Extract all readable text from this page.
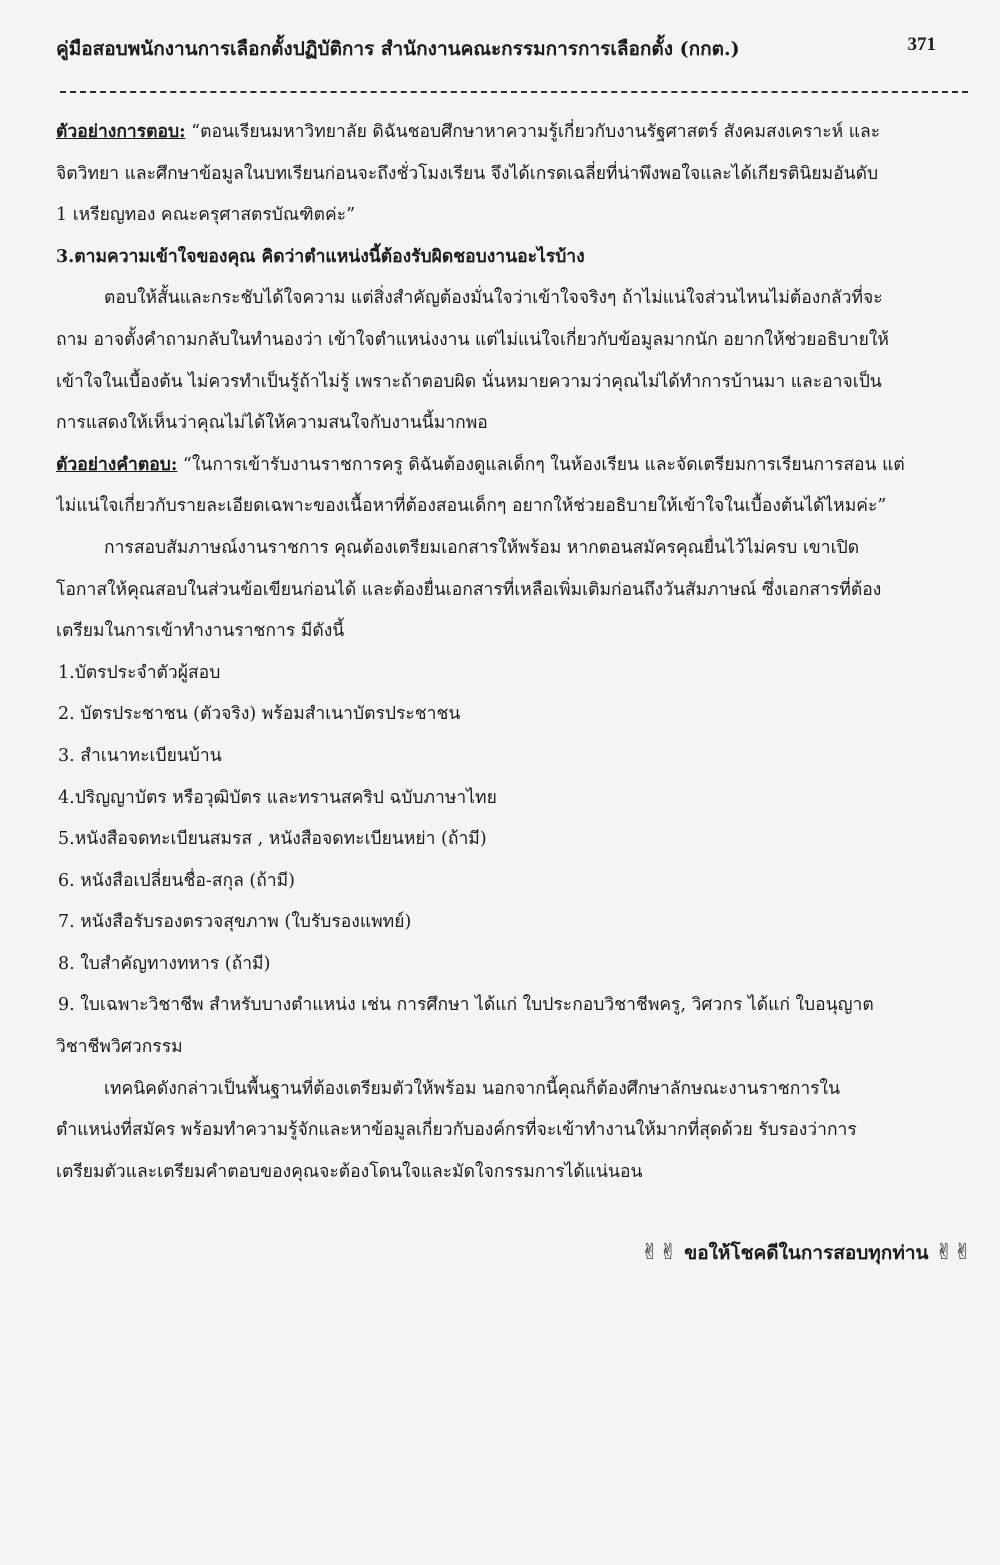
คู่มือสอบพนักงานการเลือกตั้งปฏิบัติการ สำนักงานคณะกรรมการการเลือกตั้ง (กกต.)	371
ตัวอย่างการตอบ: “ตอนเรียนมหาวิทยาลัย ดิฉันชอบศึกษาหาความรู้เกี่ยวกับงานรัฐศาสตร์ สังคมสงเคราะห์ และ
จิตวิทยา และศึกษาข้อมูลในบทเรียนก่อนจะถึงชั่วโมงเรียน จึงได้เกรดเฉลี่ยที่น่าพึงพอใจและได้เกียรตินิยมอันดับ
1 เหรียญทอง คณะครุศาสตรบัณฑิตค่ะ”
3.ตามความเข้าใจของคุณ คิดว่าตำแหน่งนี้ต้องรับผิดชอบงานอะไรบ้าง
ตอบให้สั้นและกระชับได้ใจความ แต่สิ่งสำคัญต้องมั่นใจว่าเข้าใจจริงๆ ถ้าไม่แน่ใจส่วนไหนไม่ต้องกลัวที่จะ
ถาม อาจตั้งคำถามกลับในทำนองว่า เข้าใจตำแหน่งงาน แต่ไม่แน่ใจเกี่ยวกับข้อมูลมากนัก อยากให้ช่วยอธิบายให้
เข้าใจในเบื้องต้น ไม่ควรทำเป็นรู้ถ้าไม่รู้ เพราะถ้าตอบผิด นั่นหมายความว่าคุณไม่ได้ทำการบ้านมา และอาจเป็น
การแสดงให้เห็นว่าคุณไม่ได้ให้ความสนใจกับงานนี้มากพอ
ตัวอย่างคำตอบ: “ในการเข้ารับงานราชการครู ดิฉันต้องดูแลเด็กๆ ในห้องเรียน และจัดเตรียมการเรียนการสอน แต่
ไม่แน่ใจเกี่ยวกับรายละเอียดเฉพาะของเนื้อหาที่ต้องสอนเด็กๆ อยากให้ช่วยอธิบายให้เข้าใจในเบื้องต้นได้ไหมค่ะ”
การสอบสัมภาษณ์งานราชการ คุณต้องเตรียมเอกสารให้พร้อม หากตอนสมัครคุณยื่นไว้ไม่ครบ เขาเปิด
โอกาสให้คุณสอบในส่วนข้อเขียนก่อนได้ และต้องยื่นเอกสารที่เหลือเพิ่มเติมก่อนถึงวันสัมภาษณ์ ซึ่งเอกสารที่ต้อง
เตรียมในการเข้าทำงานราชการ มีดังนี้
1.บัตรประจำตัวผู้สอบ
2. บัตรประชาชน (ตัวจริง) พร้อมสำเนาบัตรประชาชน
3. สำเนาทะเบียนบ้าน
4.ปริญญาบัตร หรือวุฒิบัตร และทรานสคริป ฉบับภาษาไทย
5.หนังสือจดทะเบียนสมรส , หนังสือจดทะเบียนหย่า (ถ้ามี)
6. หนังสือเปลี่ยนชื่อ-สกุล (ถ้ามี)
7. หนังสือรับรองตรวจสุขภาพ (ใบรับรองแพทย์)
8. ใบสำคัญทางทหาร (ถ้ามี)
9. ใบเฉพาะวิชาชีพ สำหรับบางตำแหน่ง เช่น การศึกษา ได้แก่ ใบประกอบวิชาชีพครู, วิศวกร ได้แก่ ใบอนุญาต
วิชาชีพวิศวกรรม
เทคนิคดังกล่าวเป็นพื้นฐานที่ต้องเตรียมตัวให้พร้อม นอกจากนี้คุณก็ต้องศึกษาลักษณะงานราชการใน
ตำแหน่งที่สมัคร พร้อมทำความรู้จักและหาข้อมูลเกี่ยวกับองค์กรที่จะเข้าทำงานให้มากที่สุดด้วย รับรองว่าการ
เตรียมตัวและเตรียมคำตอบของคุณจะต้องโดนใจและมัดใจกรรมการได้แน่นอน
✌✌ ขอให้โชคดีในการสอบทุกท่าน ✌✌
